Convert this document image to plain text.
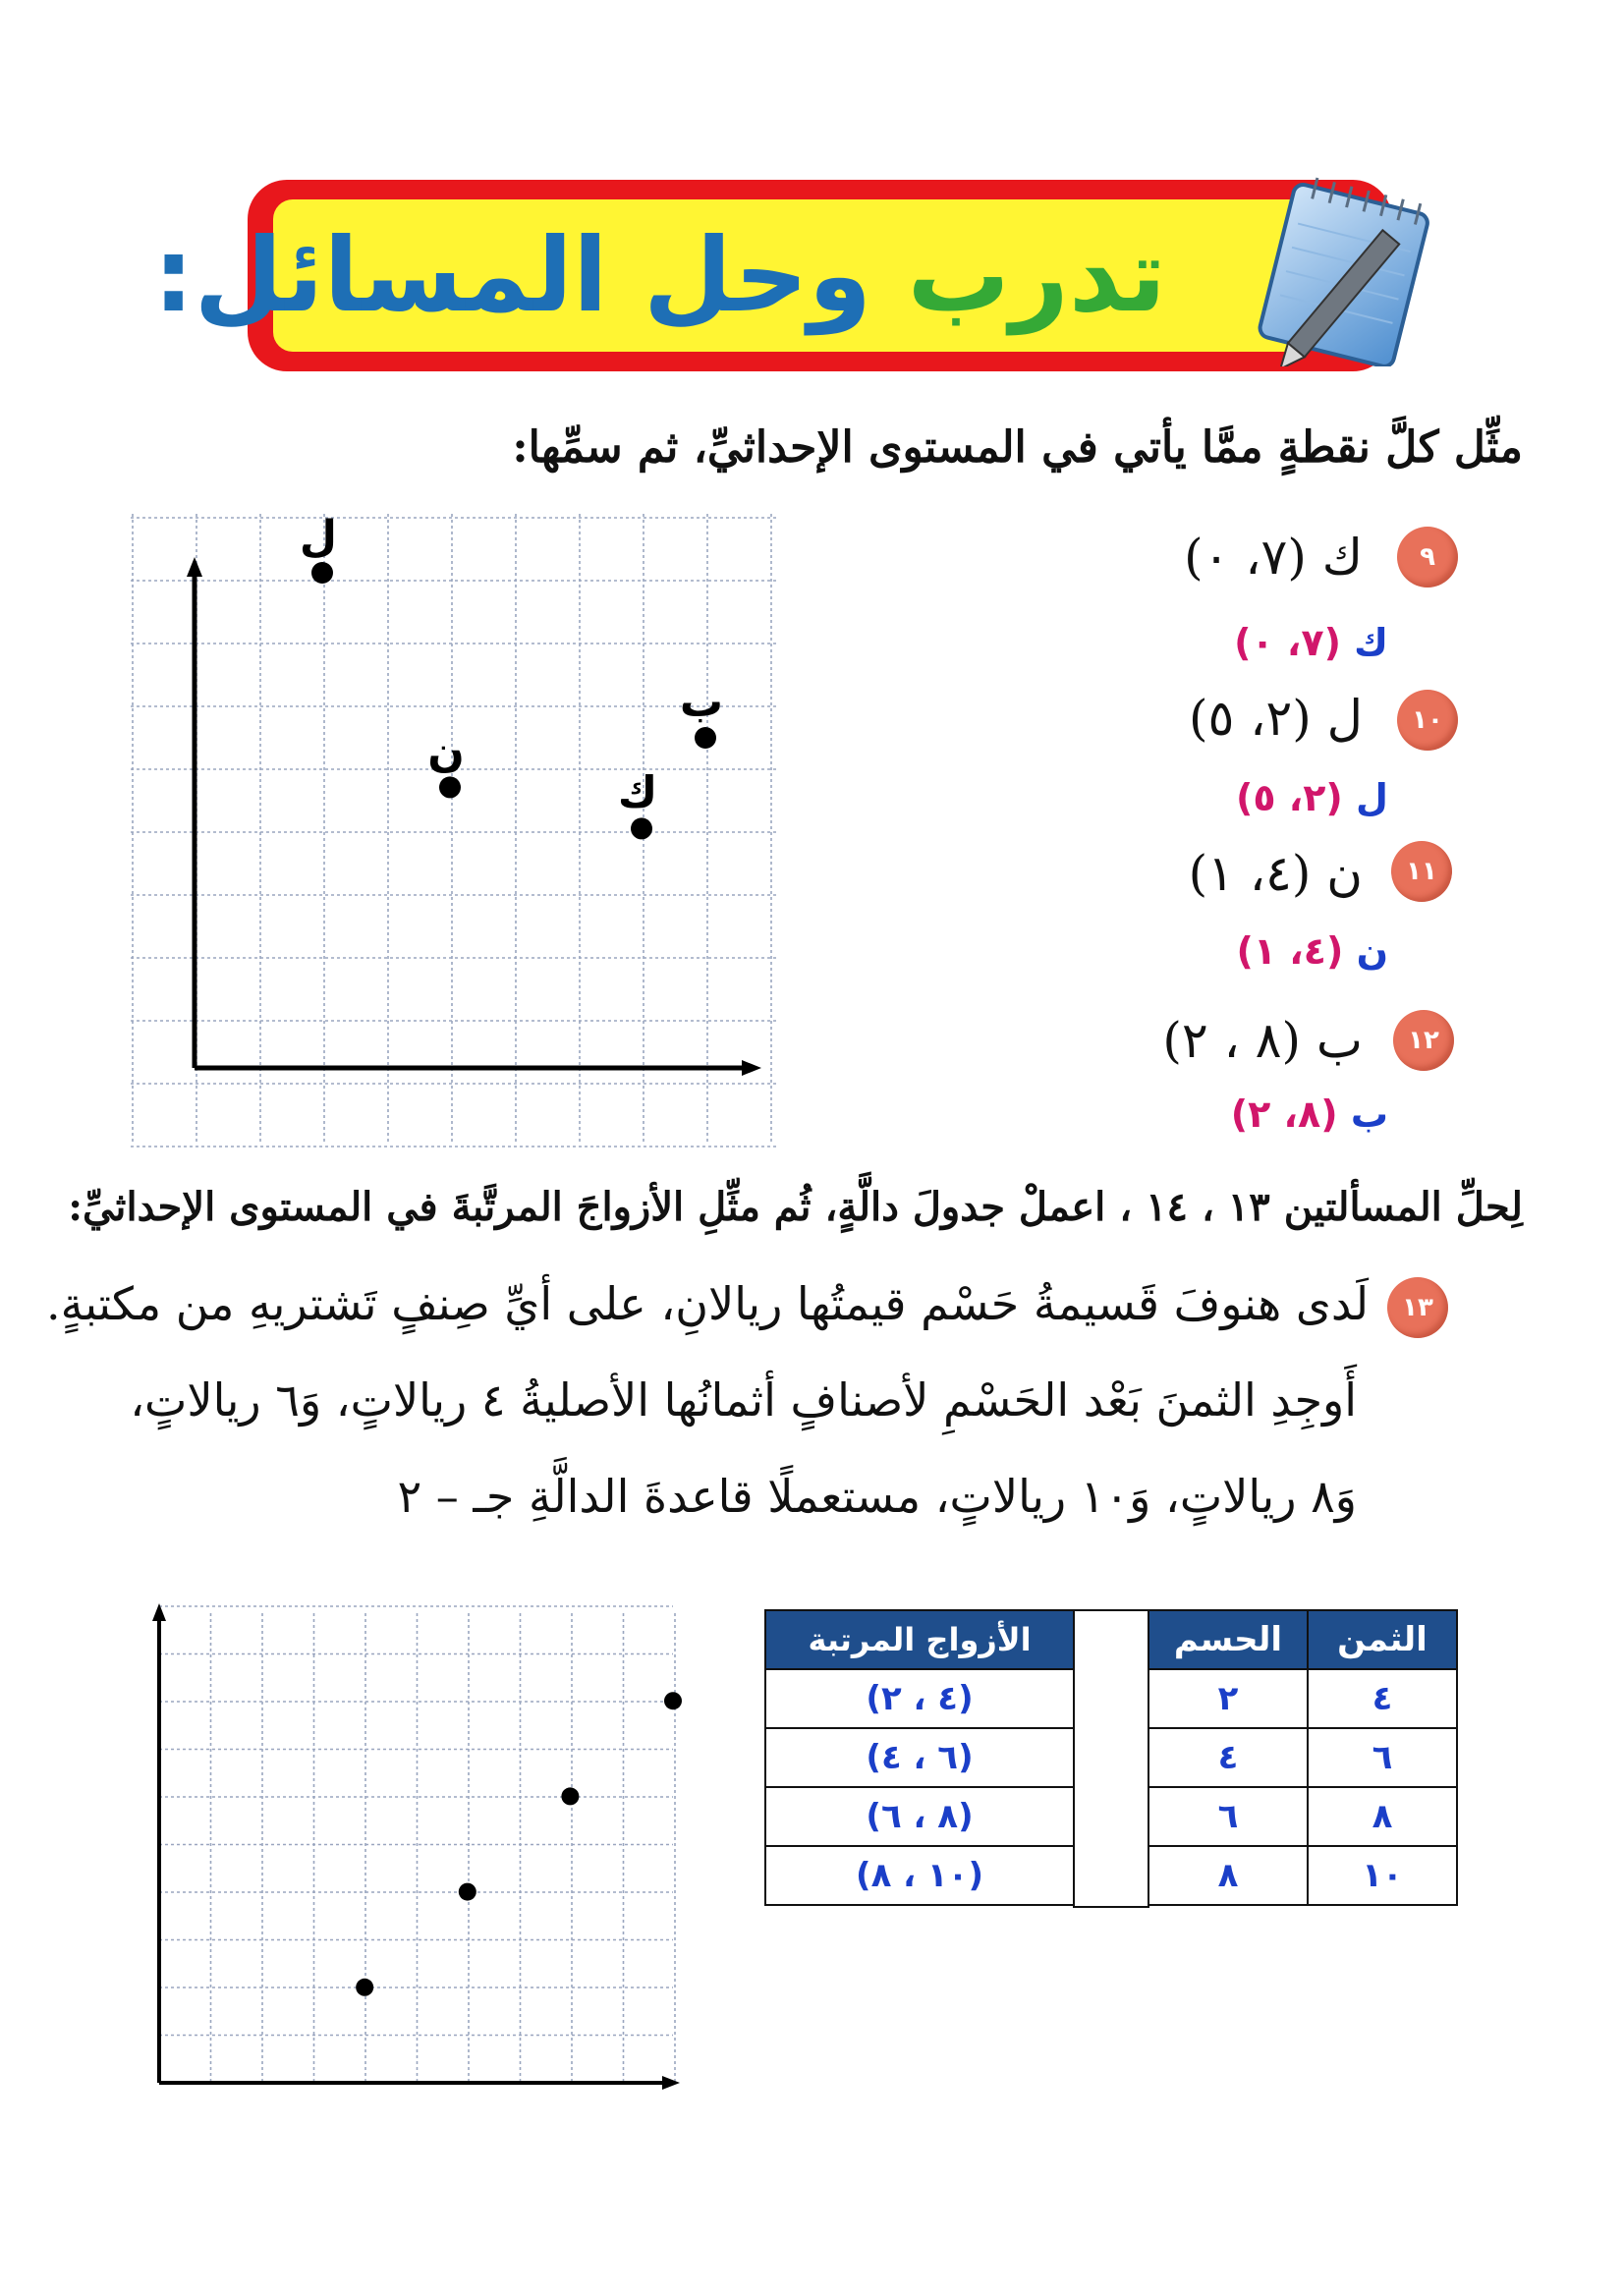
تدرب وحل المسائل:
مثِّل كلَّ نقطةٍ ممَّا يأتي في المستوى الإحداثيِّ، ثم سمِّها:
ل
ن
ك
ب
٩
ك (٧، ٠)
ك (٧، ٠)
١٠
ل (٢، ٥)
ل (٢، ٥)
١١
ن (٤، ١)
ن (٤، ١)
١٢
ب (٨ ، ٢)
ب (٨، ٢)
لِحلِّ المسألتين ١٣ ، ١٤ ، اعملْ جدولَ دالَّةٍ، ثُم مثِّلِ الأزواجَ المرتَّبةَ في المستوى الإحداثيِّ:
١٣
لَدى هنوفَ قَسيمةُ حَسْم قيمتُها ريالانِ، على أيِّ صِنفٍ تَشتريهِ من مكتبةٍ.
أَوجِدِ الثمنَ بَعْد الحَسْمِ لأصنافٍ أثمانُها الأصليةُ ٤ ريالاتٍ، وَ٦ ريالاتٍ،
وَ٨ ريالاتٍ، وَ١٠ ريالاتٍ، مستعملًا قاعدةَ الدالَّةِ جـ – ٢
الثمن
الحسم
الأزواج المرتبة
٤
٢
(٤ ، ٢)
٦
٤
(٦ ، ٤)
٨
٦
(٨ ، ٦)
١٠
٨
(١٠ ، ٨)
